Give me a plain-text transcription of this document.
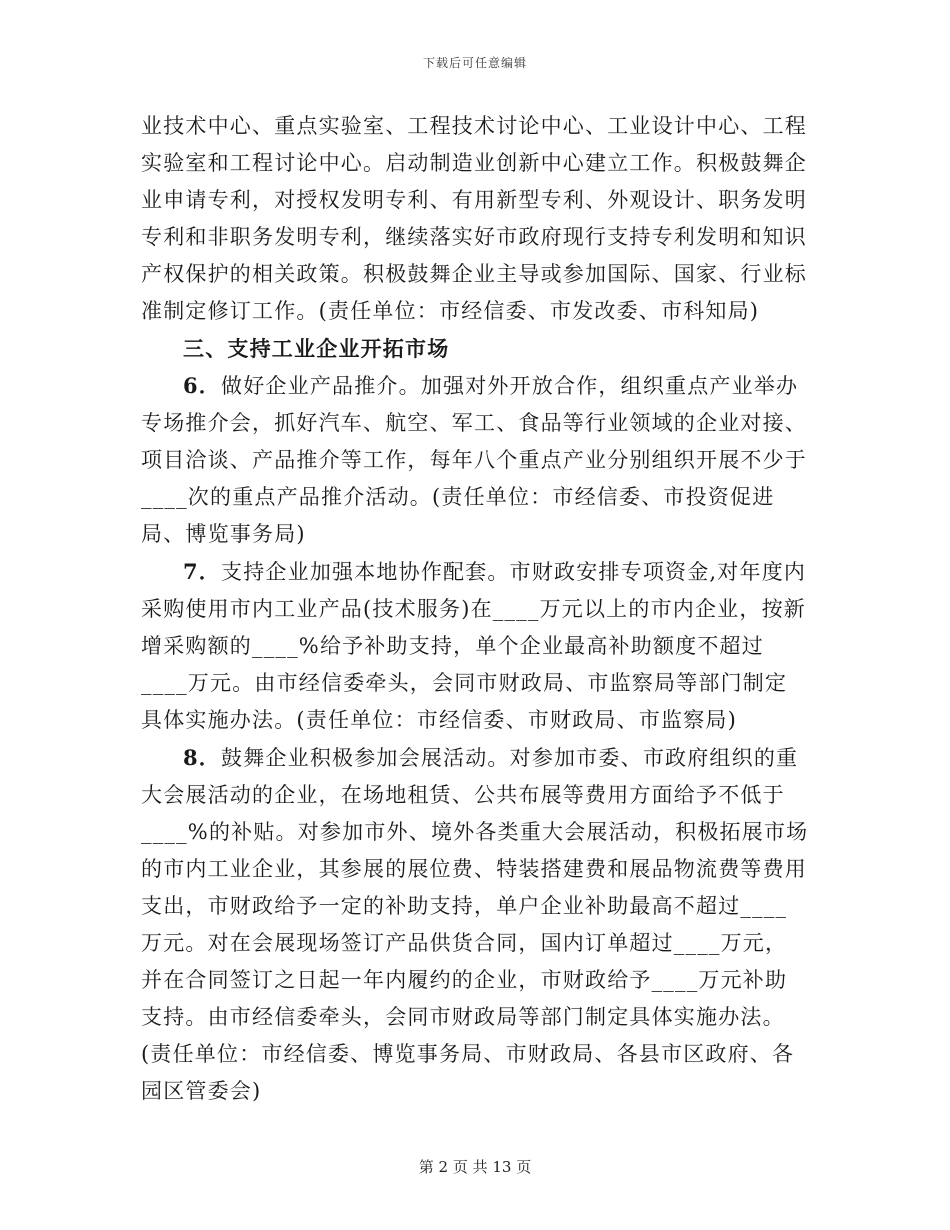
下载后可任意编辑

业技术中心、重点实验室、工程技术讨论中心、工业设计中心、工程实验室和工程讨论中心。启动制造业创新中心建立工作。积极鼓舞企业申请专利，对授权发明专利、有用新型专利、外观设计、职务发明专利和非职务发明专利，继续落实好市政府现行支持专利发明和知识产权保护的相关政策。积极鼓舞企业主导或参加国际、国家、行业标准制定修订工作。(责任单位：市经信委、市发改委、市科知局)

三、支持工业企业开拓市场

6．做好企业产品推介。加强对外开放合作，组织重点产业举办专场推介会，抓好汽车、航空、军工、食品等行业领域的企业对接、项目洽谈、产品推介等工作，每年八个重点产业分别组织开展不少于____次的重点产品推介活动。(责任单位：市经信委、市投资促进局、博览事务局)

7．支持企业加强本地协作配套。市财政安排专项资金,对年度内采购使用市内工业产品(技术服务)在____万元以上的市内企业，按新增采购额的____%给予补助支持，单个企业最高补助额度不超过____万元。由市经信委牵头，会同市财政局、市监察局等部门制定具体实施办法。(责任单位：市经信委、市财政局、市监察局)

8．鼓舞企业积极参加会展活动。对参加市委、市政府组织的重大会展活动的企业，在场地租赁、公共布展等费用方面给予不低于____%的补贴。对参加市外、境外各类重大会展活动，积极拓展市场的市内工业企业，其参展的展位费、特装搭建费和展品物流费等费用支出，市财政给予一定的补助支持，单户企业补助最高不超过____万元。对在会展现场签订产品供货合同，国内订单超过____万元，并在合同签订之日起一年内履约的企业，市财政给予____万元补助支持。由市经信委牵头，会同市财政局等部门制定具体实施办法。(责任单位：市经信委、博览事务局、市财政局、各县市区政府、各园区管委会)

第 2 页 共 13 页
